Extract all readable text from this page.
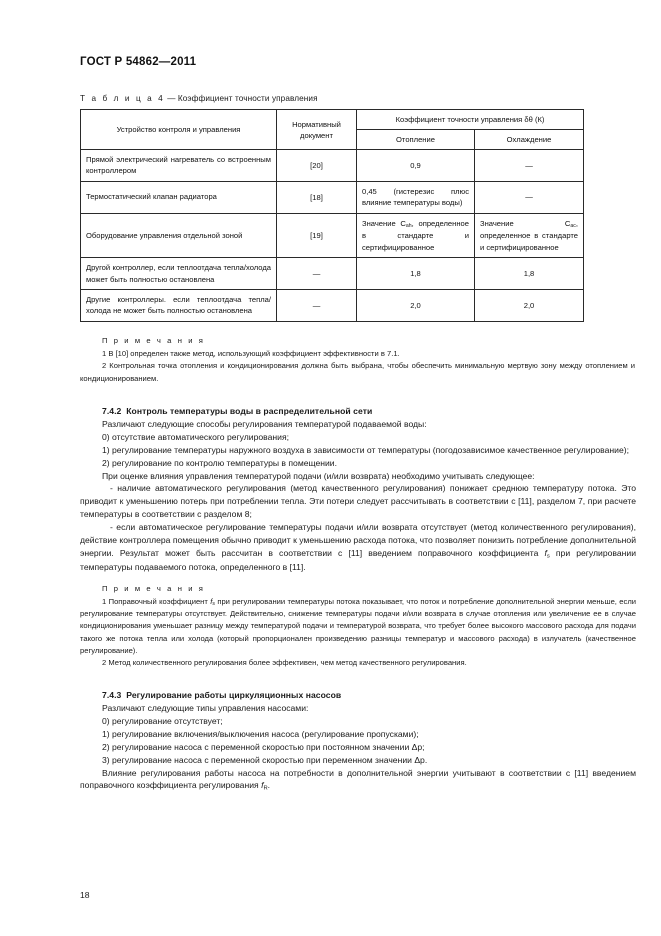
ГОСТ Р 54862—2011
Т а б л и ц а 4 — Коэффициент точности управления
Устройство контроля и управления	Нормативный документ	Коэффициент точности управления δθ (К)	
		Отопление	Охлаждение
Прямой электрический нагреватель со встроенным контроллером	[20]	0,9	—
Термостатический клапан радиатора	[18]	0,45 (гистерезис плюс влияние температуры воды)	—
Оборудование управления отдельной зоной	[19]	Значение $С_{ah}$, определенное в стандарте и сертифицированное	Значение $С_{ac}$, определенное в стандарте и сертифицированное
Другой контроллер, если теплоотдача тепла/холода может быть полностью остановлена	—	1,8	1,8
Другие контроллеры. если теплоотдача тепла/холода не может быть полностью остановлена	—	2,0	2,0
П р и м е ч а н и я

1 В [10] определен также метод, использующий коэффициент эффективности в 7.1.

2 Контрольная точка отопления и кондиционирования должна быть выбрана, чтобы обеспечить минимальную мертвую зону между отоплением и кондиционированием.

7.4.2 Контроль температуры воды в распределительной сети

Различают следующие способы регулирования температурой подаваемой воды:

0) отсутствие автоматического регулирования;

1) регулирование температуры наружного воздуха в зависимости от температуры (погодозависимое качественное регулирование);

2) регулирование по контролю температуры в помещении.

При оценке влияния управления температурой подачи (и/или возврата) необходимо учитывать следующее:

- наличие автоматического регулирования (метод качественного регулирования) понижает среднюю температуру потока. Это приводит к уменьшению потерь при потреблении тепла. Эти потери следует рассчитывать в соответствии с [11], разделом 7, при расчете температуры в соответствии с разделом 8;

- если автоматическое регулирование температуры подачи и/или возврата отсутствует (метод количественного регулирования), действие контроллера помещения обычно приводит к уменьшению расхода потока, что позволяет понизить потребление дополнительной энергии. Результат может быть рассчитан в соответствии с [11] введением поправочного коэффициента $f_s$ при регулировании температуры подаваемого потока, определенного в [11].

П р и м е ч а н и я

1 Поправочный коэффициент $f_s$ при регулировании температуры потока показывает, что поток и потребление дополнительной энергии меньше, если регулирование температуры отсутствует. Действительно, снижение температуры подачи и/или возврата в случае отопления или увеличение ее в случае кондиционирования уменьшает разницу между температурой подачи и температурой возврата, что требует более высокого массового расхода для подачи такого же потока тепла или холода (который пропорционален произведению разницы температур и массового расхода) в излучатель (качественное регулирование).

2 Метод количественного регулирования более эффективен, чем метод качественного регулирования.

7.4.3 Регулирование работы циркуляционных насосов

Различают следующие типы управления насосами:

0) регулирование отсутствует;

1) регулирование включения/выключения насоса (регулирование пропусками);

2) регулирование насоса с переменной скоростью при постоянном значении Δр;

3) регулирование насоса с переменной скоростью при переменном значении Δр.

Влияние регулирования работы насоса на потребности в дополнительной энергии учитывают в соответствии с [11] введением поправочного коэффициента регулирования $f_R$.

18
